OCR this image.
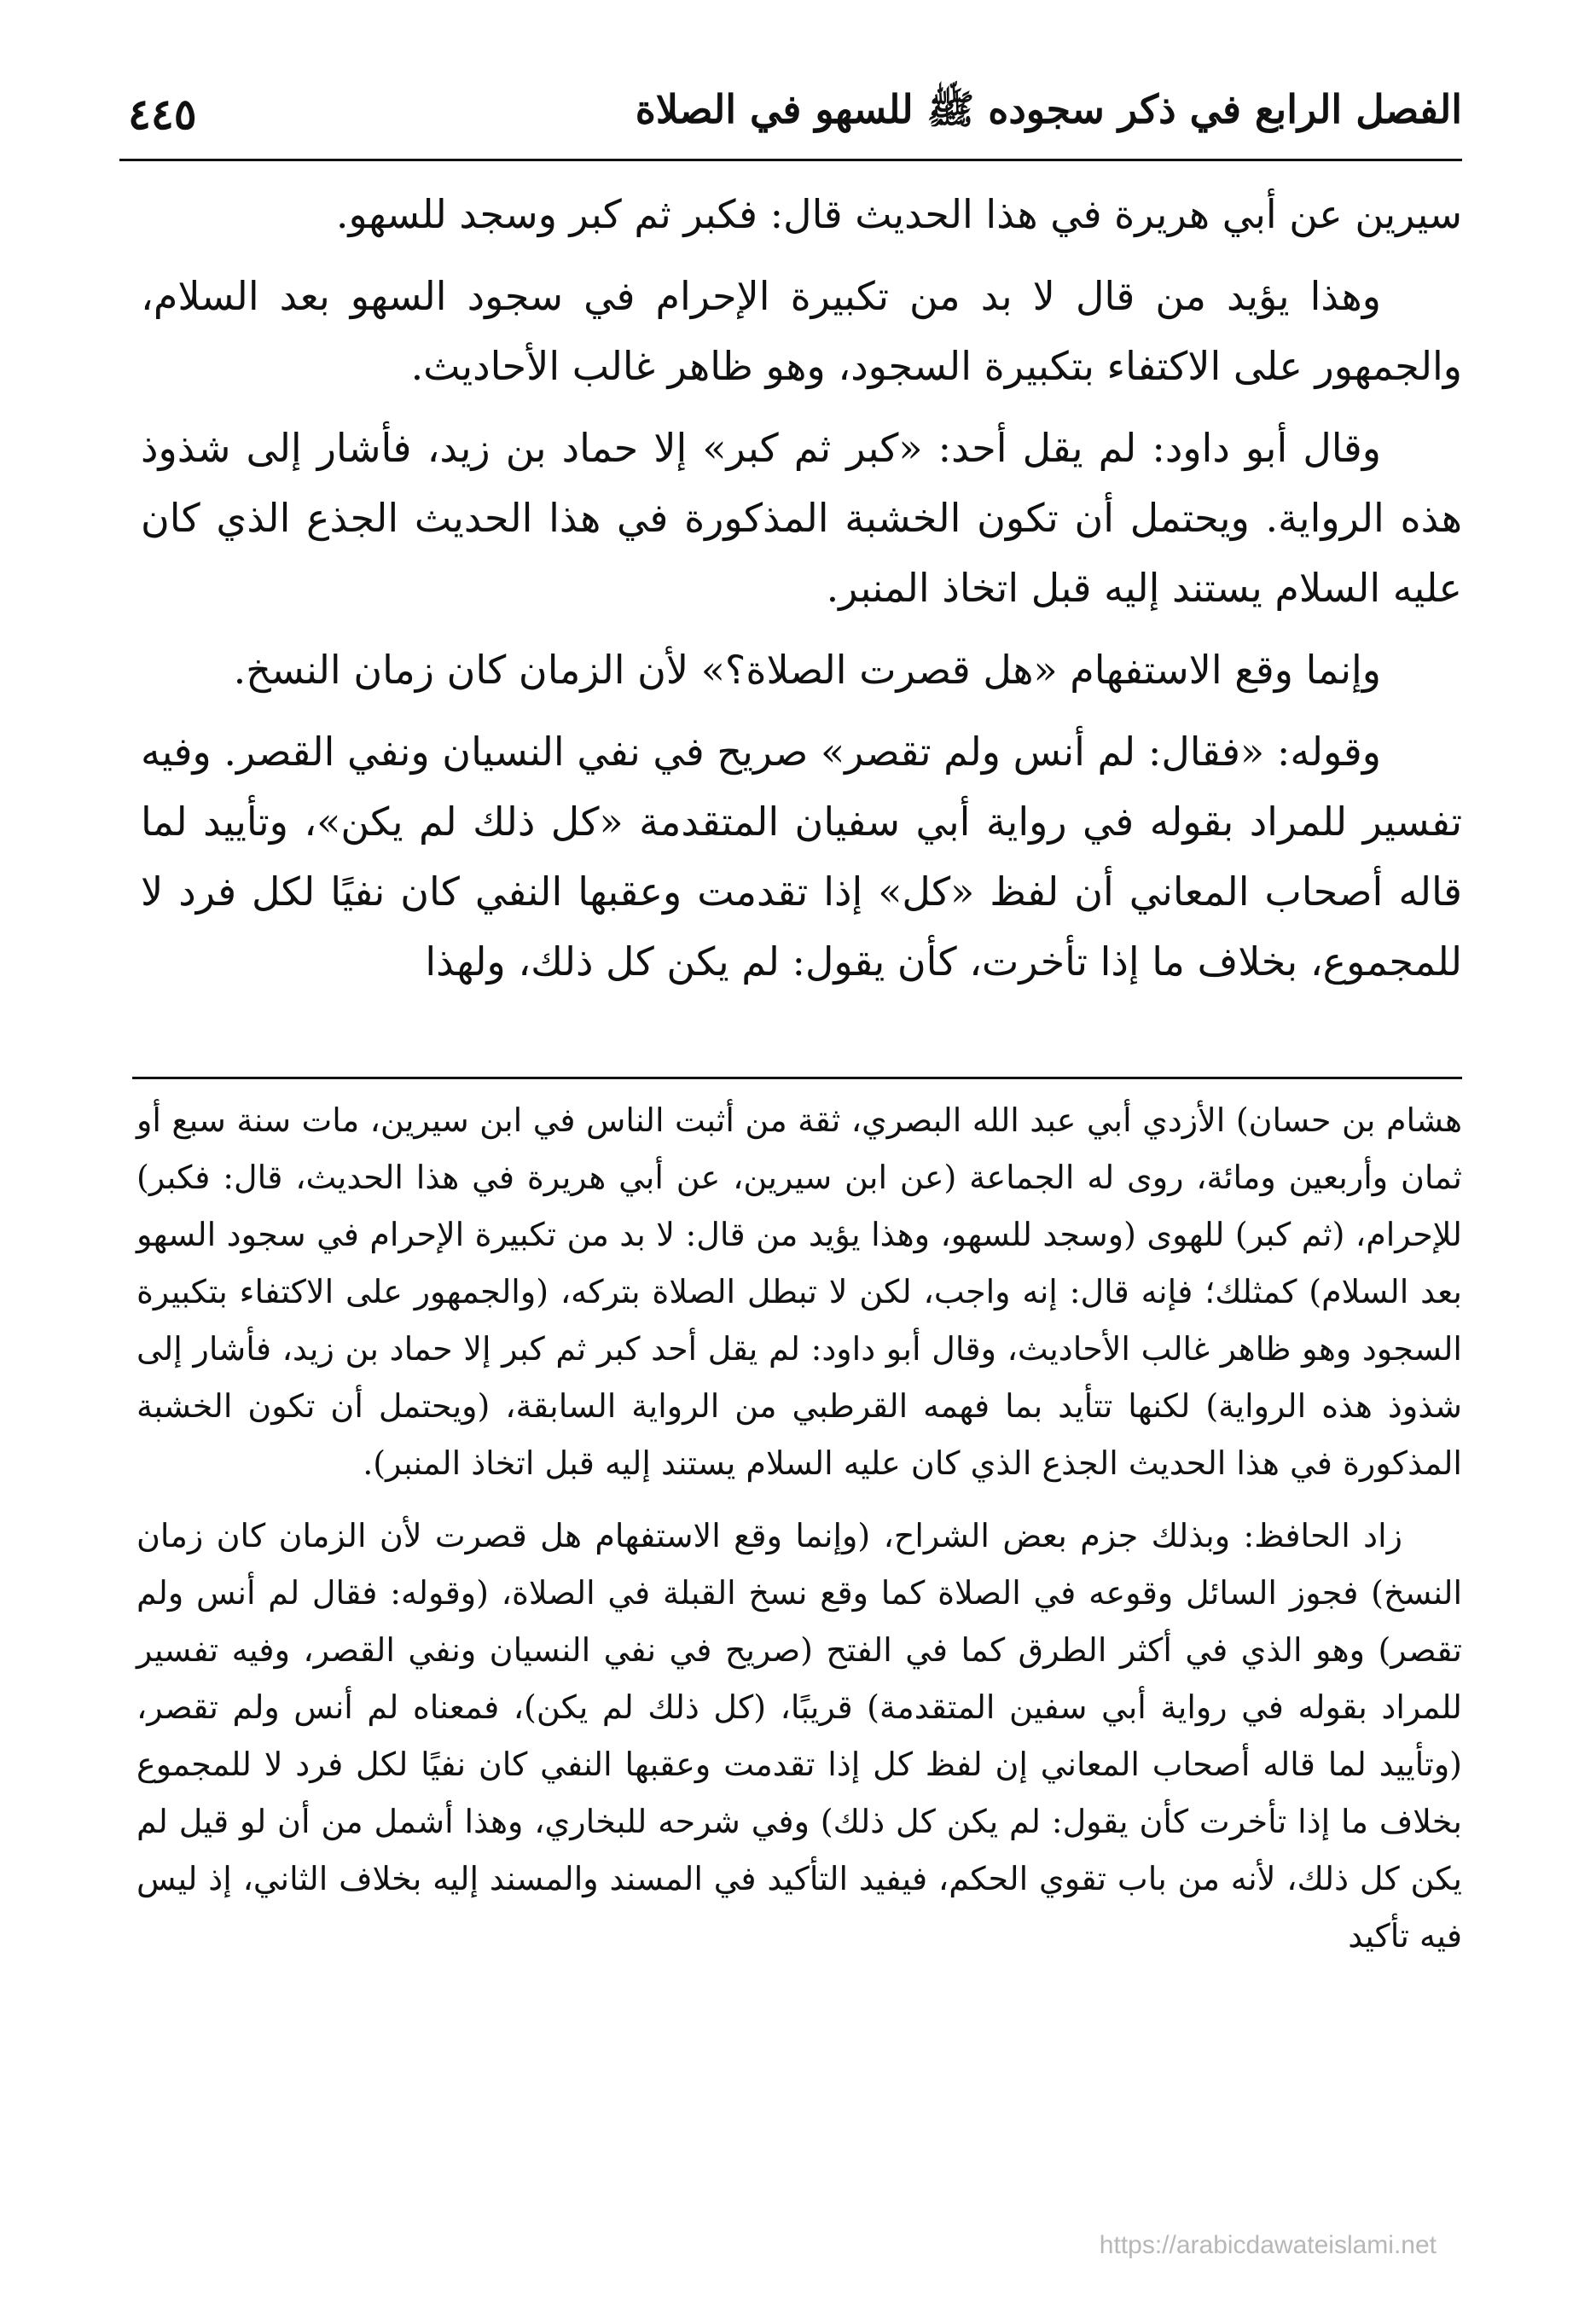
الفصل الرابع في ذكر سجوده ﷺ للسهو في الصلاة
٤٤٥

سيرين عن أبي هريرة في هذا الحديث قال: فكبر ثم كبر وسجد للسهو.

وهذا يؤيد من قال لا بد من تكبيرة الإحرام في سجود السهو بعد السلام، والجمهور على الاكتفاء بتكبيرة السجود، وهو ظاهر غالب الأحاديث.

وقال أبو داود: لم يقل أحد: «كبر ثم كبر» إلا حماد بن زيد، فأشار إلى شذوذ هذه الرواية. ويحتمل أن تكون الخشبة المذكورة في هذا الحديث الجذع الذي كان عليه السلام يستند إليه قبل اتخاذ المنبر.

وإنما وقع الاستفهام «هل قصرت الصلاة؟» لأن الزمان كان زمان النسخ.

وقوله: «فقال: لم أنس ولم تقصر» صريح في نفي النسيان ونفي القصر. وفيه تفسير للمراد بقوله في رواية أبي سفيان المتقدمة «كل ذلك لم يكن»، وتأييد لما قاله أصحاب المعاني أن لفظ «كل» إذا تقدمت وعقبها النفي كان نفيًا لكل فرد لا للمجموع، بخلاف ما إذا تأخرت، كأن يقول: لم يكن كل ذلك، ولهذا

هشام بن حسان) الأزدي أبي عبد الله البصري، ثقة من أثبت الناس في ابن سيرين، مات سنة سبع أو ثمان وأربعين ومائة، روى له الجماعة (عن ابن سيرين، عن أبي هريرة في هذا الحديث، قال: فكبر) للإحرام، (ثم كبر) للهوى (وسجد للسهو، وهذا يؤيد من قال: لا بد من تكبيرة الإحرام في سجود السهو بعد السلام) كمثلك؛ فإنه قال: إنه واجب، لكن لا تبطل الصلاة بتركه، (والجمهور على الاكتفاء بتكبيرة السجود وهو ظاهر غالب الأحاديث، وقال أبو داود: لم يقل أحد كبر ثم كبر إلا حماد بن زيد، فأشار إلى شذوذ هذه الرواية) لكنها تتأيد بما فهمه القرطبي من الرواية السابقة، (ويحتمل أن تكون الخشبة المذكورة في هذا الحديث الجذع الذي كان عليه السلام يستند إليه قبل اتخاذ المنبر).

زاد الحافظ: وبذلك جزم بعض الشراح، (وإنما وقع الاستفهام هل قصرت لأن الزمان كان زمان النسخ) فجوز السائل وقوعه في الصلاة كما وقع نسخ القبلة في الصلاة، (وقوله: فقال لم أنس ولم تقصر) وهو الذي في أكثر الطرق كما في الفتح (صريح في نفي النسيان ونفي القصر، وفيه تفسير للمراد بقوله في رواية أبي سفين المتقدمة) قريبًا، (كل ذلك لم يكن)، فمعناه لم أنس ولم تقصر، (وتأييد لما قاله أصحاب المعاني إن لفظ كل إذا تقدمت وعقبها النفي كان نفيًا لكل فرد لا للمجموع بخلاف ما إذا تأخرت كأن يقول: لم يكن كل ذلك) وفي شرحه للبخاري، وهذا أشمل من أن لو قيل لم يكن كل ذلك، لأنه من باب تقوي الحكم، فيفيد التأكيد في المسند والمسند إليه بخلاف الثاني، إذ ليس فيه تأكيد

https://arabicdawateislami.net
